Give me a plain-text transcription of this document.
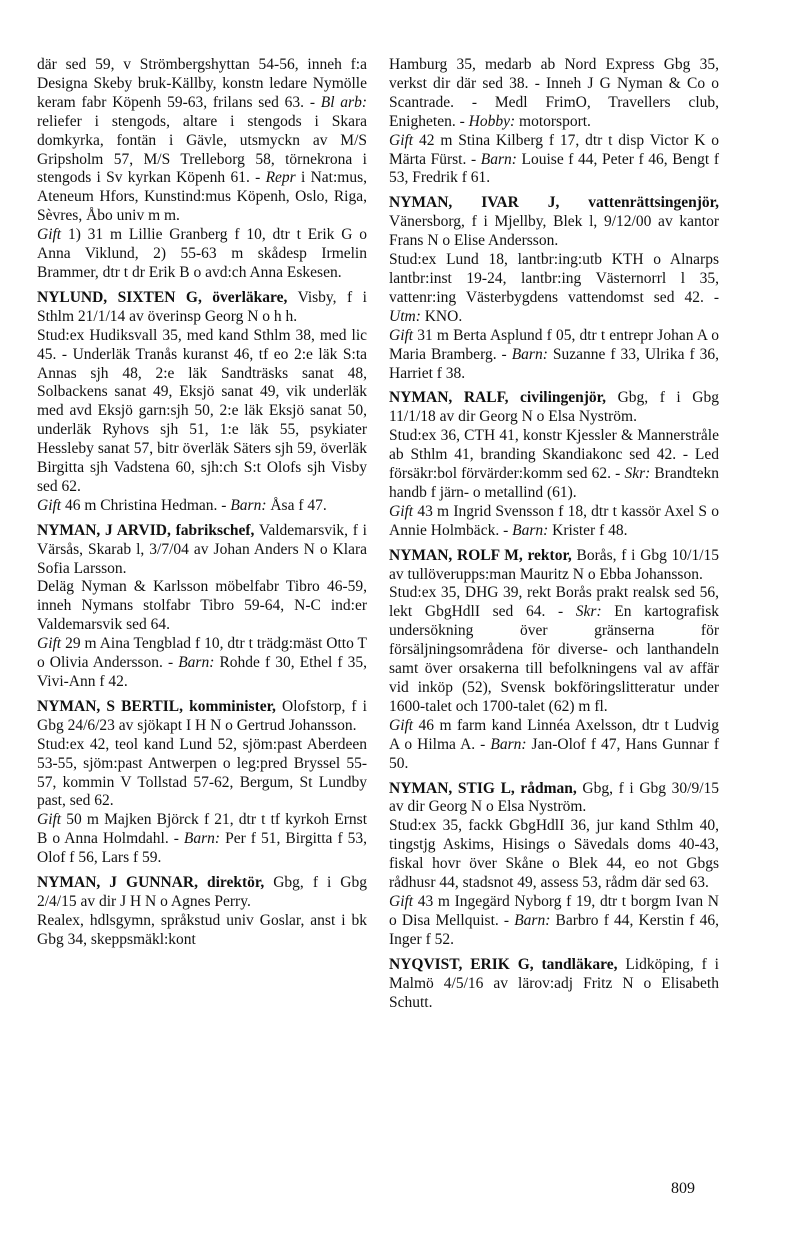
där sed 59, v Strömbergshyttan 54-56, inneh f:a Designa Skeby bruk-Källby, konstn ledare Nymölle keram fabr Köpenh 59-63, frilans sed 63. - Bl arb: reliefer i stengods, altare i stengods i Skara domkyrka, fontän i Gävle, utsmyckn av M/S Gripsholm 57, M/S Trelleborg 58, törnekrona i stengods i Sv kyrkan Köpenh 61. - Repr i Nat:mus, Ateneum Hfors, Kunstind:mus Köpenh, Oslo, Riga, Sèvres, Åbo univ m m.

Gift 1) 31 m Lillie Granberg f 10, dtr t Erik G o Anna Viklund, 2) 55-63 m skådesp Irmelin Brammer, dtr t dr Erik B o avd:ch Anna Eskesen.

NYLUND, SIXTEN G, överläkare, Visby, f i Sthlm 21/1/14 av överinsp Georg N o h h.

Stud:ex Hudiksvall 35, med kand Sthlm 38, med lic 45. - Underläk Tranås kuranst 46, tf eo 2:e läk S:ta Annas sjh 48, 2:e läk Sandträsks sanat 48, Solbackens sanat 49, Eksjö sanat 49, vik underläk med avd Eksjö garn:sjh 50, 2:e läk Eksjö sanat 50, underläk Ryhovs sjh 51, 1:e läk 55, psykiater Hessleby sanat 57, bitr överläk Säters sjh 59, överläk Birgitta sjh Vadstena 60, sjh:ch S:t Olofs sjh Visby sed 62.

Gift 46 m Christina Hedman. - Barn: Åsa f 47.

NYMAN, J ARVID, fabrikschef, Valdemarsvik, f i Värsås, Skarab l, 3/7/04 av Johan Anders N o Klara Sofia Larsson.

Deläg Nyman & Karlsson möbelfabr Tibro 46-59, inneh Nymans stolfabr Tibro 59-64, N-C ind:er Valdemarsvik sed 64.

Gift 29 m Aina Tengblad f 10, dtr t trädg:mäst Otto T o Olivia Andersson. - Barn: Rohde f 30, Ethel f 35, Vivi-Ann f 42.

NYMAN, S BERTIL, komminister, Olofstorp, f i Gbg 24/6/23 av sjökapt I H N o Gertrud Johansson.

Stud:ex 42, teol kand Lund 52, sjöm:past Aberdeen 53-55, sjöm:past Antwerpen o leg:pred Bryssel 55-57, kommin V Tollstad 57-62, Bergum, St Lundby past, sed 62.

Gift 50 m Majken Björck f 21, dtr t tf kyrkoh Ernst B o Anna Holmdahl. - Barn: Per f 51, Birgitta f 53, Olof f 56, Lars f 59.

NYMAN, J GUNNAR, direktör, Gbg, f i Gbg 2/4/15 av dir J H N o Agnes Perry.

Realex, hdlsgymn, språkstud univ Goslar, anst i bk Gbg 34, skeppsmäkl:kont

Hamburg 35, medarb ab Nord Express Gbg 35, verkst dir där sed 38. - Inneh J G Nyman & Co o Scantrade. - Medl FrimO, Travellers club, Enigheten. - Hobby: motorsport.

Gift 42 m Stina Kilberg f 17, dtr t disp Victor K o Märta Fürst. - Barn: Louise f 44, Peter f 46, Bengt f 53, Fredrik f 61.

NYMAN, IVAR J, vattenrättsingenjör, Vänersborg, f i Mjellby, Blek l, 9/12/00 av kantor Frans N o Elise Andersson.

Stud:ex Lund 18, lantbr:ing:utb KTH o Alnarps lantbr:inst 19-24, lantbr:ing Västernorrl l 35, vattenr:ing Västerbygdens vattendomst sed 42. - Utm: KNO.

Gift 31 m Berta Asplund f 05, dtr t entrepr Johan A o Maria Bramberg. - Barn: Suzanne f 33, Ulrika f 36, Harriet f 38.

NYMAN, RALF, civilingenjör, Gbg, f i Gbg 11/1/18 av dir Georg N o Elsa Nyström.

Stud:ex 36, CTH 41, konstr Kjessler & Mannerstråle ab Sthlm 41, branding Skandiakonc sed 42. - Led försäkr:bol förvärder:komm sed 62. - Skr: Brandtekn handb f järn- o metallind (61).

Gift 43 m Ingrid Svensson f 18, dtr t kassör Axel S o Annie Holmbäck. - Barn: Krister f 48.

NYMAN, ROLF M, rektor, Borås, f i Gbg 10/1/15 av tullöverupps:man Mauritz N o Ebba Johansson.

Stud:ex 35, DHG 39, rekt Borås prakt realsk sed 56, lekt GbgHdlI sed 64. - Skr: En kartografisk undersökning över gränserna för försäljningsområdena för diverse- och lanthandeln samt över orsakerna till befolkningens val av affär vid inköp (52), Svensk bokföringslitteratur under 1600-talet och 1700-talet (62) m fl.

Gift 46 m farm kand Linnéa Axelsson, dtr t Ludvig A o Hilma A. - Barn: Jan-Olof f 47, Hans Gunnar f 50.

NYMAN, STIG L, rådman, Gbg, f i Gbg 30/9/15 av dir Georg N o Elsa Nyström.

Stud:ex 35, fackk GbgHdlI 36, jur kand Sthlm 40, tingstjg Askims, Hisings o Sävedals doms 40-43, fiskal hovr över Skåne o Blek 44, eo not Gbgs rådhusr 44, stadsnot 49, assess 53, rådm där sed 63.

Gift 43 m Ingegärd Nyborg f 19, dtr t borgm Ivan N o Disa Mellquist. - Barn: Barbro f 44, Kerstin f 46, Inger f 52.

NYQVIST, ERIK G, tandläkare, Lidköping, f i Malmö 4/5/16 av lärov:adj Fritz N o Elisabeth Schutt.

809
